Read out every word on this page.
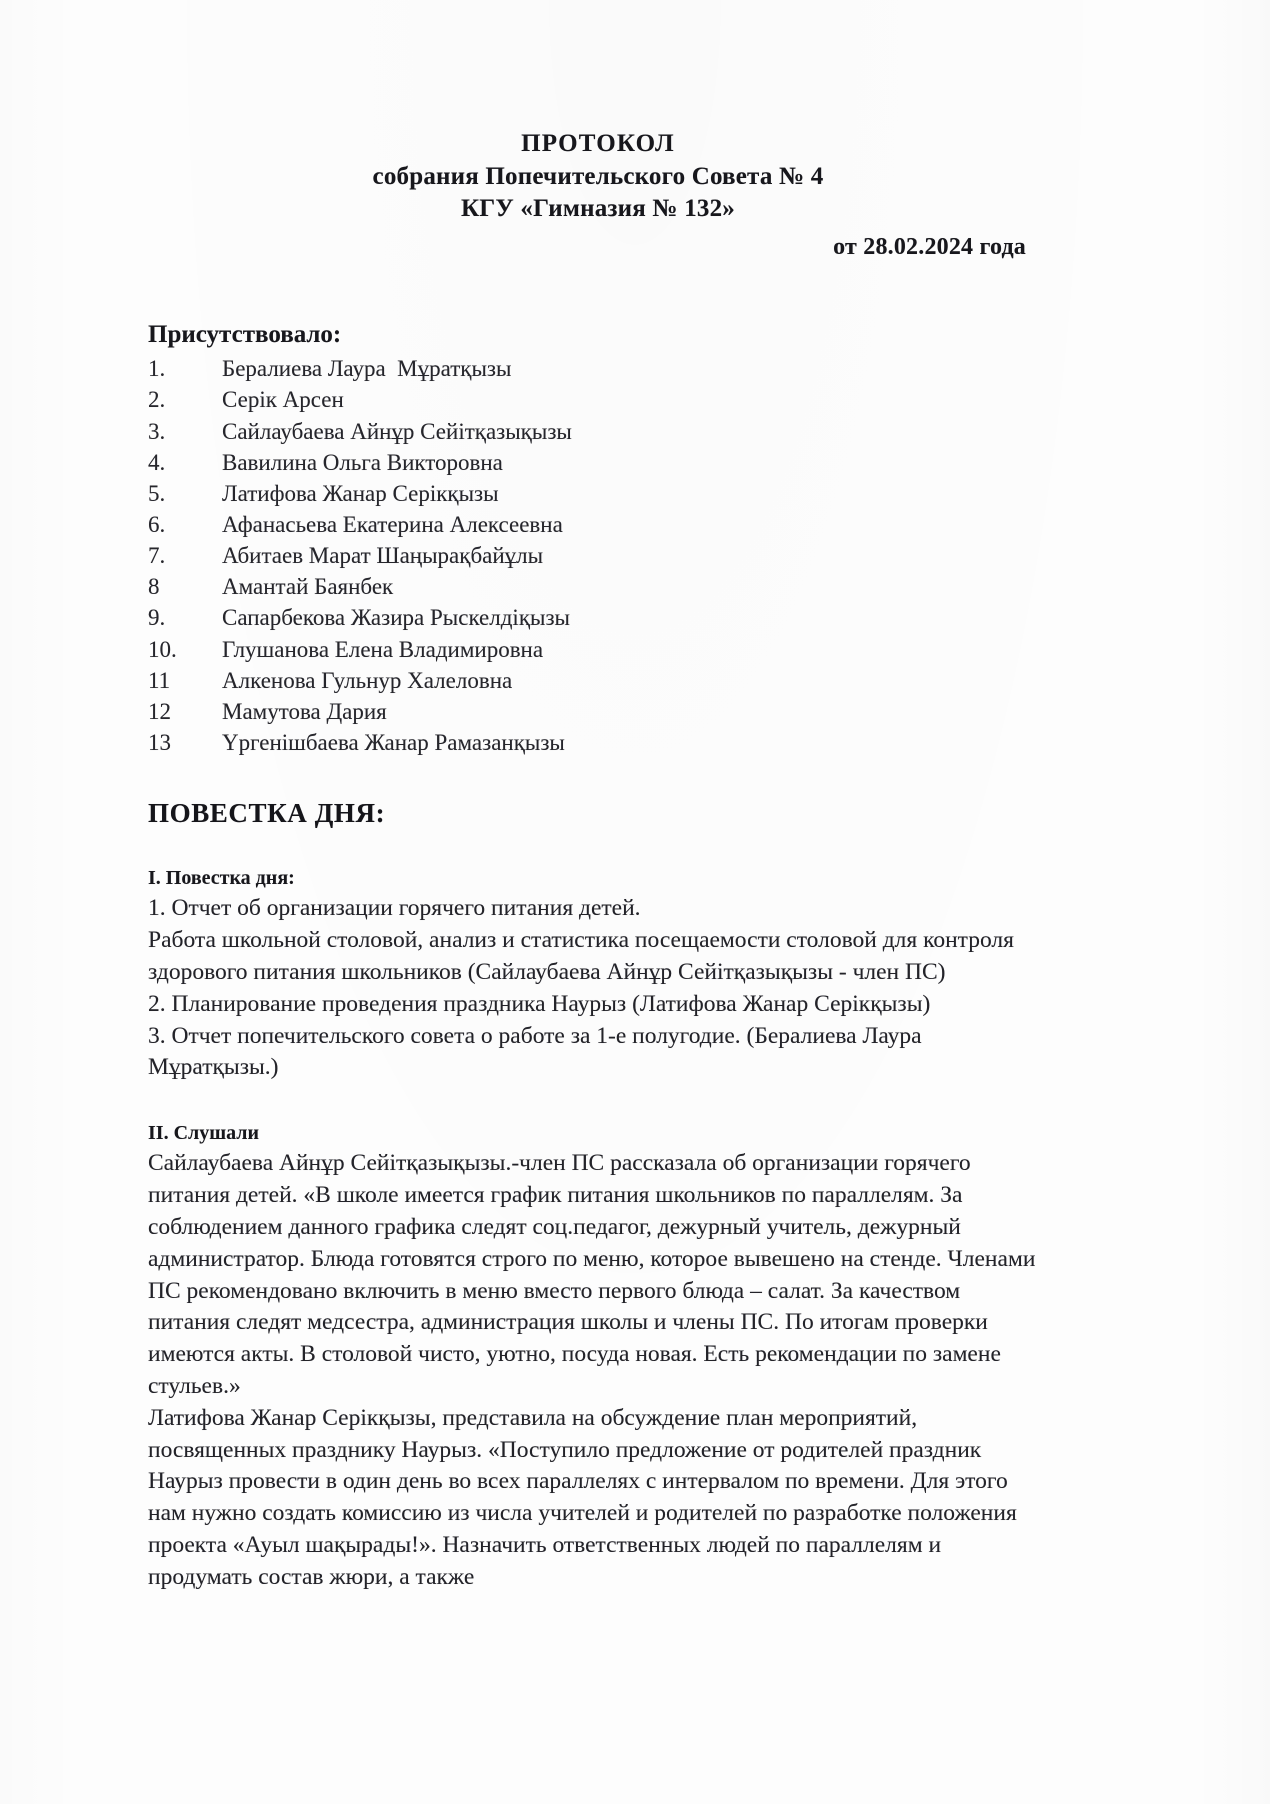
ПРОТОКОЛ
собрания Попечительского Совета № 4
КГУ «Гимназия № 132»
от 28.02.2024 года
Присутствовало:
1.	Бералиева Лаура  Мұратқызы
2.	Серік Арсен
3.	Сайлаубаева Айнұр Сейітқазықызы
4.	Вавилина Ольга Викторовна
5.	Латифова Жанар Серікқызы
6.	Афанасьева Екатерина Алексеевна
7.	Абитаев Марат Шаңырақбайұлы
8	Амантай Баянбек
9.	Сапарбекова Жазира Рыскелдіқызы
10.	Глушанова Елена Владимировна
11	Алкенова Гульнур Халеловна
12	Мамутова Дария
13	Үргенішбаева Жанар Рамазанқызы
ПОВЕСТКА ДНЯ:
I. Повестка дня:
1. Отчет об организации горячего питания детей.
Работа школьной столовой, анализ и статистика посещаемости столовой для контроля здорового питания школьников (Сайлаубаева Айнұр Сейітқазықызы - член ПС)
2. Планирование проведения праздника Наурыз (Латифова Жанар Серікқызы)
3. Отчет попечительского совета о работе за 1-е полугодие. (Бералиева Лаура Мұратқызы.)
II. Слушали
Сайлаубаева Айнұр Сейітқазықызы.-член ПС рассказала об организации горячего питания детей. «В школе имеется график питания школьников по параллелям. За соблюдением данного графика следят соц.педагог, дежурный учитель, дежурный администратор. Блюда готовятся строго по меню, которое вывешено на стенде. Членами ПС рекомендовано включить в меню вместо первого блюда – салат. За качеством питания следят медсестра, администрация школы и члены ПС. По итогам проверки имеются акты. В столовой чисто, уютно, посуда новая. Есть рекомендации по замене стульев.»
Латифова Жанар Серікқызы, представила на обсуждение план мероприятий, посвященных празднику Наурыз. «Поступило предложение от родителей праздник Наурыз провести в один день во всех параллелях с интервалом по времени. Для этого нам нужно создать комиссию из числа учителей и родителей по разработке положения проекта «Ауыл шақырады!». Назначить ответственных людей по параллелям и продумать состав жюри, а также
